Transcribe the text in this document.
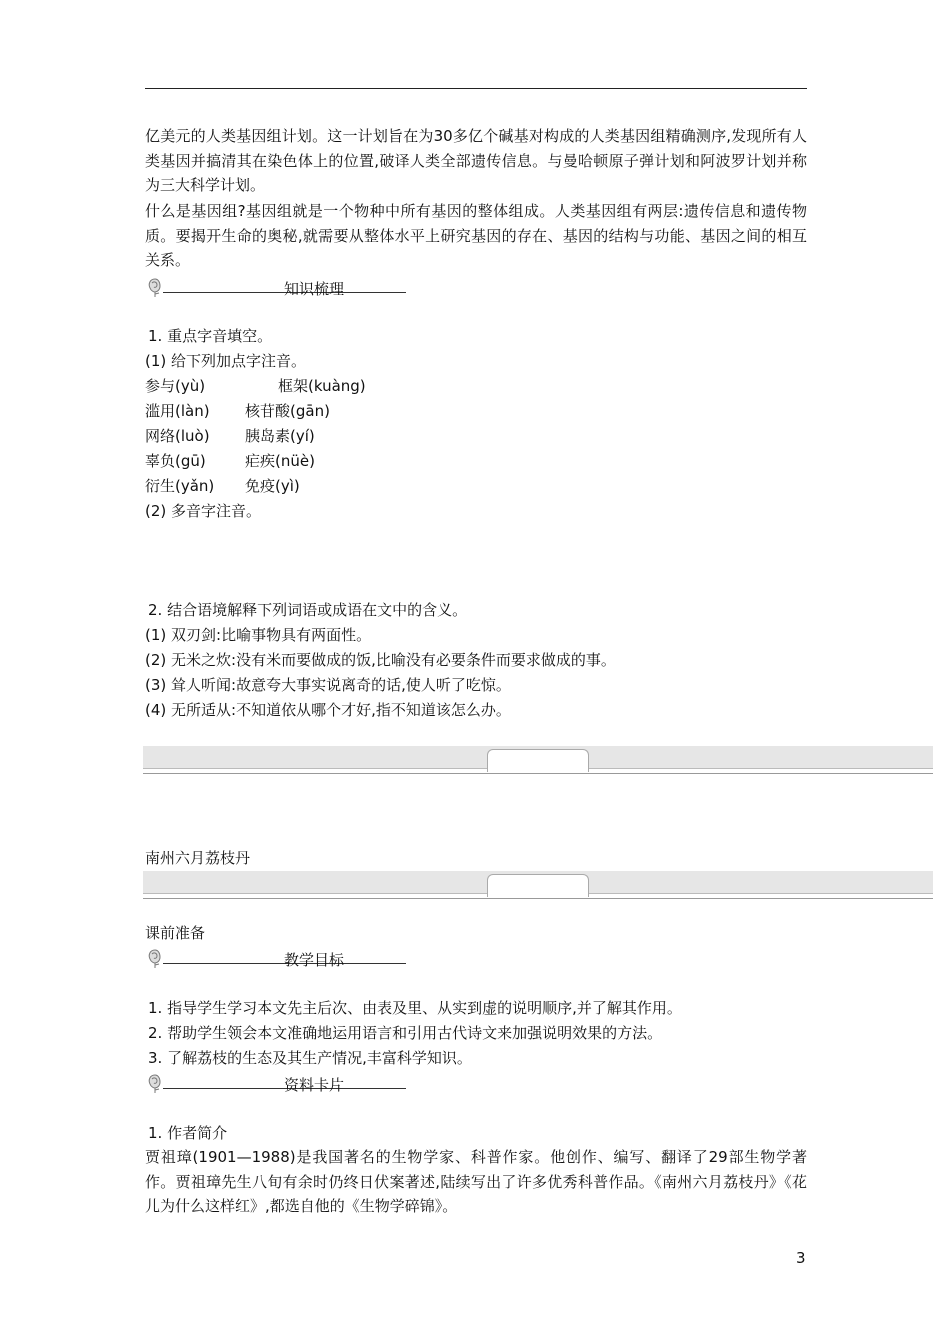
亿美元的人类基因组计划。这一计划旨在为30多亿个碱基对构成的人类基因组精确测序,发现所有人类基因并搞清其在染色体上的位置,破译人类全部遗传信息。与曼哈顿原子弹计划和阿波罗计划并称为三大科学计划。

什么是基因组?基因组就是一个物种中所有基因的整体组成。人类基因组有两层:遗传信息和遗传物质。要揭开生命的奥秘,就需要从整体水平上研究基因的存在、基因的结构与功能、基因之间的相互关系。

知识梳理
1. 重点字音填空。
(1) 给下列加点字注音。
参与(yù)	框架(kuàng)
滥用(làn) 核苷酸(gān)
网络(luò) 胰岛素(yí)
辜负(gū)	疟疾(nüè)
衍生(yǎn) 免疫(yì)
(2) 多音字注音。
2. 结合语境解释下列词语或成语在文中的含义。
(1) 双刃剑:比喻事物具有两面性。
(2) 无米之炊:没有米而要做成的饭,比喻没有必要条件而要求做成的事。
(3) 耸人听闻:故意夸大事实说离奇的话,使人听了吃惊。
(4) 无所适从:不知道依从哪个才好,指不知道该怎么办。
南州六月荔枝丹
课前准备
教学目标
1. 指导学生学习本文先主后次、由表及里、从实到虚的说明顺序,并了解其作用。
2. 帮助学生领会本文准确地运用语言和引用古代诗文来加强说明效果的方法。
3. 了解荔枝的生态及其生产情况,丰富科学知识。
资料卡片
1. 作者简介

贾祖璋(1901—1988)是我国著名的生物学家、科普作家。他创作、编写、翻译了29部生物学著作。贾祖璋先生八旬有余时仍终日伏案著述,陆续写出了许多优秀科普作品。《南州六月荔枝丹》《花儿为什么这样红》,都选自他的《生物学碎锦》。

3
